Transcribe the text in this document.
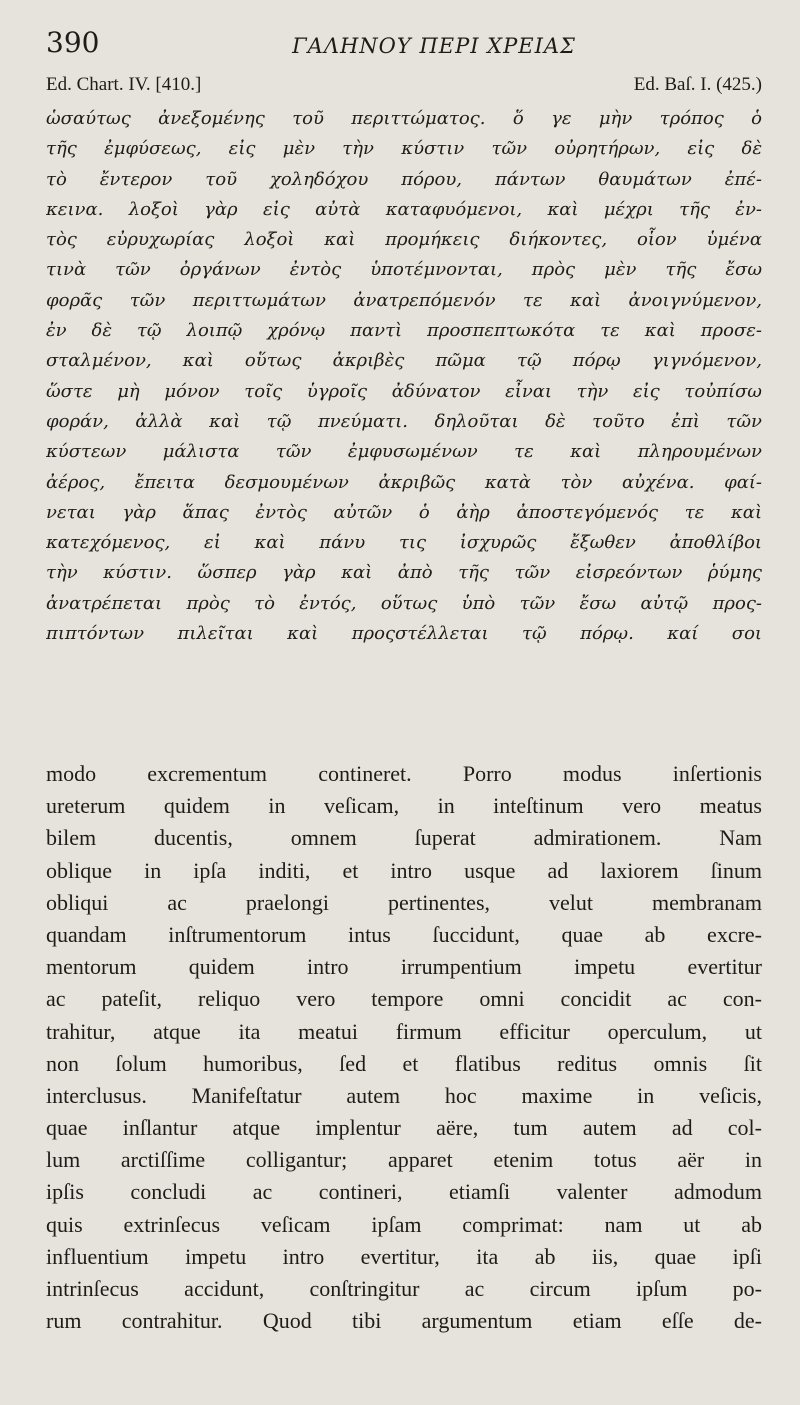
390	ΓΑΛΗΝΟΥ ΠΕΡΙ ΧΡΕΙΑΣ
Ed. Chart. IV. [410.]	Ed. Baſ. I. (425.)
ὡσαύτως ἀνεξομένης τοῦ περιττώματος. ὅ γε μὴν τρόπος ὁ
τῆς ἐμφύσεως, εἰς μὲν τὴν κύστιν τῶν οὐρητήρων, εἰς δὲ
τὸ ἔντερον τοῦ χοληδόχου πόρου, πάντων θαυμάτων ἐπέ-
κεινα. λοξοὶ γὰρ εἰς αὐτὰ καταφυόμενοι, καὶ μέχρι τῆς ἐν-
τὸς εὐρυχωρίας λοξοὶ καὶ προμήκεις διήκοντες, οἷον ὑμένα
τινὰ τῶν ὀργάνων ἐντὸς ὑποτέμνονται, πρὸς μὲν τῆς ἔσω
φορᾶς τῶν περιττωμάτων ἀνατρεπόμενόν τε καὶ ἀνοιγνύμενον,
ἐν δὲ τῷ λοιπῷ χρόνῳ παντὶ προσπεπτωκότα τε καὶ προσε-
σταλμένον, καὶ οὕτως ἀκριβὲς πῶμα τῷ πόρῳ γιγνόμενον,
ὥστε μὴ μόνον τοῖς ὑγροῖς ἀδύνατον εἶναι τὴν εἰς τοὐπίσω
φοράν, ἀλλὰ καὶ τῷ πνεύματι. δηλοῦται δὲ τοῦτο ἐπὶ τῶν
κύστεων μάλιστα τῶν ἐμφυσωμένων τε καὶ πληρουμένων
ἀέρος, ἔπειτα δεσμουμένων ἀκριβῶς κατὰ τὸν αὐχένα. φαί-
νεται γὰρ ἅπας ἐντὸς αὐτῶν ὁ ἀὴρ ἀποστεγόμενός τε καὶ
κατεχόμενος, εἰ καὶ πάνυ τις ἰσχυρῶς ἔξωθεν ἀποθλίβοι
τὴν κύστιν. ὥσπερ γὰρ καὶ ἀπὸ τῆς τῶν εἰσρεόντων ῥύμης
ἀνατρέπεται πρὸς τὸ ἐντός, οὕτως ὑπὸ τῶν ἔσω αὐτῷ προς-
πιπτόντων πιλεῖται καὶ προςστέλλεται τῷ πόρῳ. καί σοι
modo excrementum contineret. Porro modus inſertionis
ureterum quidem in veſicam, in inteſtinum vero meatus
bilem ducentis, omnem ſuperat admirationem. Nam
oblique in ipſa inditi, et intro usque ad laxiorem ſinum
obliqui ac praelongi pertinentes, velut membranam
quandam inſtrumentorum intus ſuccidunt, quae ab excre-
mentorum quidem intro irrumpentium impetu evertitur
ac pateſit, reliquo vero tempore omni concidit ac con-
trahitur, atque ita meatui firmum efficitur operculum, ut
non ſolum humoribus, ſed et flatibus reditus omnis ſit
interclusus. Manifeſtatur autem hoc maxime in veſicis,
quae inſlantur atque implentur aëre, tum autem ad col-
lum arctiſſime colligantur; apparet etenim totus aër in
ipſis concludi ac contineri, etiamſi valenter admodum
quis extrinſecus veſicam ipſam comprimat: nam ut ab
influentium impetu intro evertitur, ita ab iis, quae ipſi
intrinſecus accidunt, conſtringitur ac circum ipſum po-
rum contrahitur. Quod tibi argumentum etiam eſſe de-
